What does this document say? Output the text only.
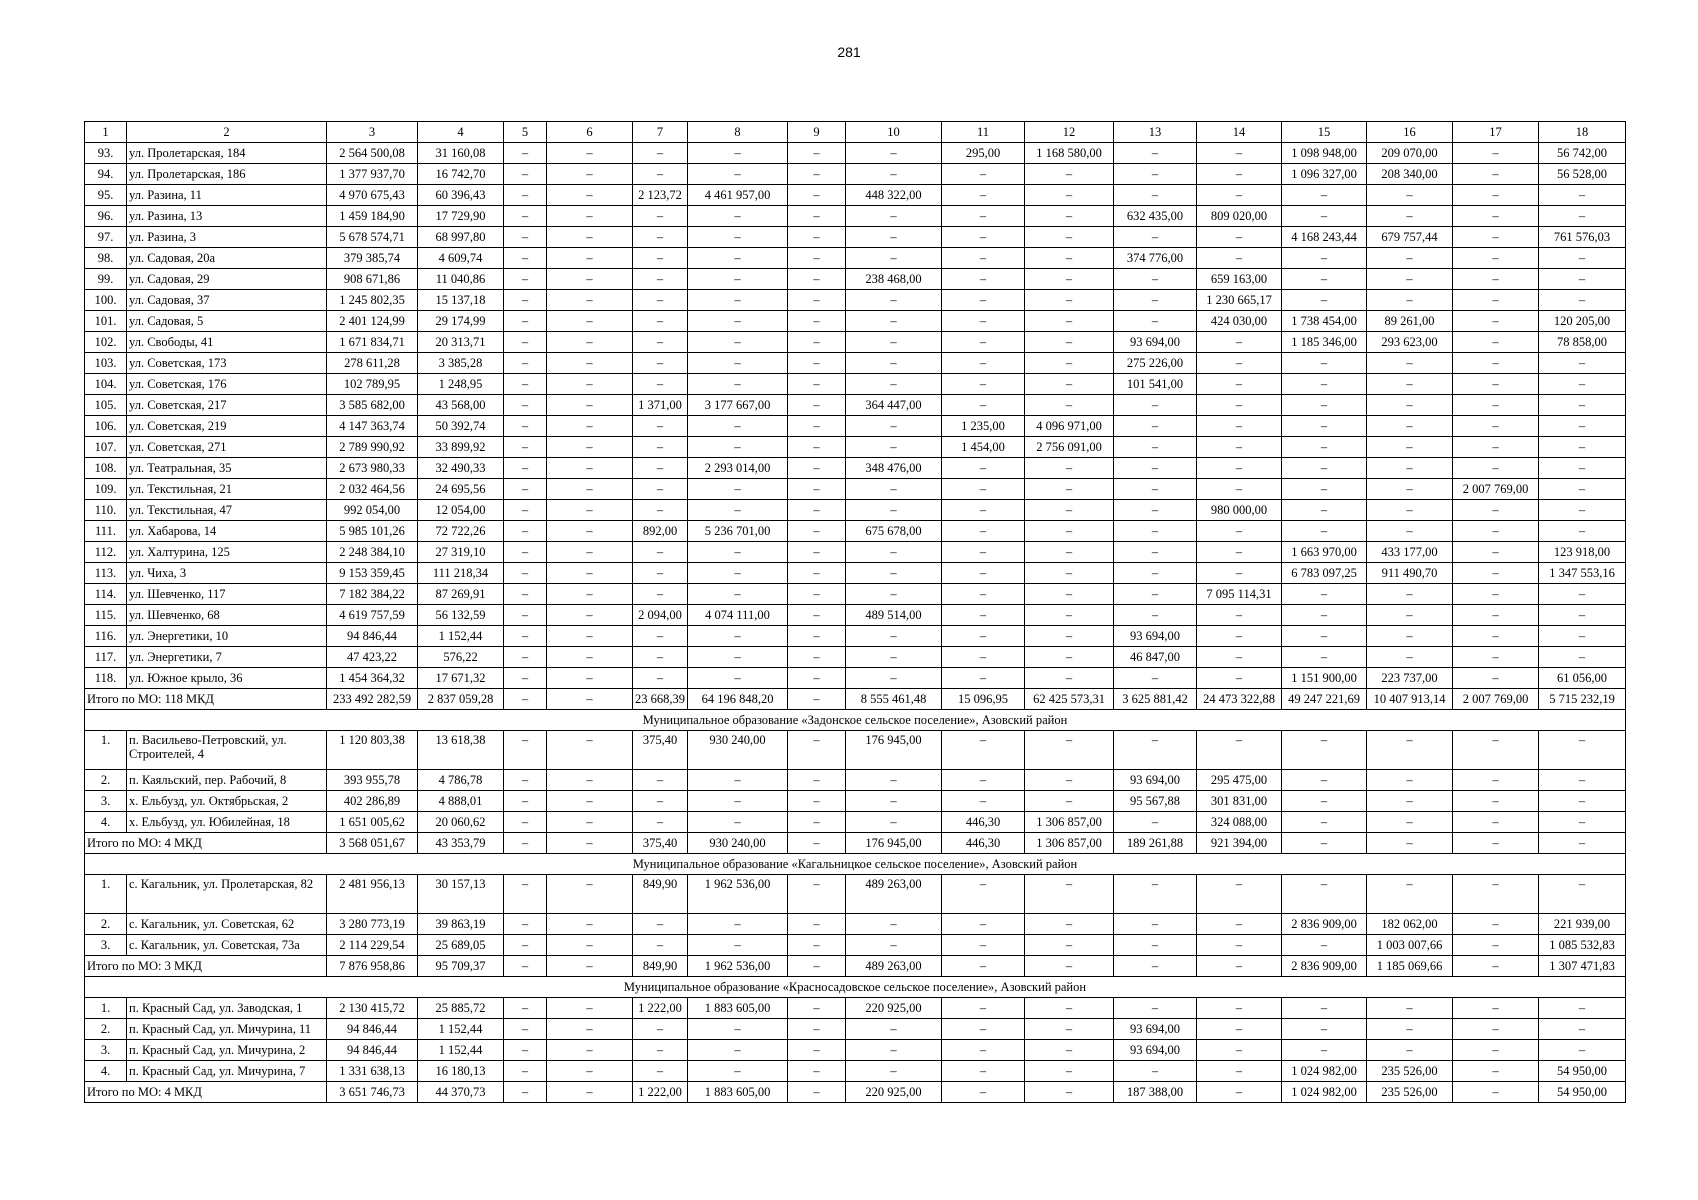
281
1	2	3	4	5	6	7	8	9	10	11	12	13	14	15	16	17	18
93.	ул. Пролетарская, 184	2 564 500,08	31 160,08	–	–	–	–	–	–	295,00	1 168 580,00	–	–	1 098 948,00	209 070,00	–	56 742,00
94.	ул. Пролетарская, 186	1 377 937,70	16 742,70	–	–	–	–	–	–	–	–	–	–	1 096 327,00	208 340,00	–	56 528,00
95.	ул. Разина, 11	4 970 675,43	60 396,43	–	–	2 123,72	4 461 957,00	–	448 322,00	–	–	–	–	–	–	–	–
96.	ул. Разина, 13	1 459 184,90	17 729,90	–	–	–	–	–	–	–	–	632 435,00	809 020,00	–	–	–	–
97.	ул. Разина, 3	5 678 574,71	68 997,80	–	–	–	–	–	–	–	–	–	–	4 168 243,44	679 757,44	–	761 576,03
98.	ул. Садовая, 20а	379 385,74	4 609,74	–	–	–	–	–	–	–	–	374 776,00	–	–	–	–	–
99.	ул. Садовая, 29	908 671,86	11 040,86	–	–	–	–	–	238 468,00	–	–	–	659 163,00	–	–	–	–
100.	ул. Садовая, 37	1 245 802,35	15 137,18	–	–	–	–	–	–	–	–	–	1 230 665,17	–	–	–	–
101.	ул. Садовая, 5	2 401 124,99	29 174,99	–	–	–	–	–	–	–	–	–	424 030,00	1 738 454,00	89 261,00	–	120 205,00
102.	ул. Свободы, 41	1 671 834,71	20 313,71	–	–	–	–	–	–	–	–	93 694,00	–	1 185 346,00	293 623,00	–	78 858,00
103.	ул. Советская, 173	278 611,28	3 385,28	–	–	–	–	–	–	–	–	275 226,00	–	–	–	–	–
104.	ул. Советская, 176	102 789,95	1 248,95	–	–	–	–	–	–	–	–	101 541,00	–	–	–	–	–
105.	ул. Советская, 217	3 585 682,00	43 568,00	–	–	1 371,00	3 177 667,00	–	364 447,00	–	–	–	–	–	–	–	–
106.	ул. Советская, 219	4 147 363,74	50 392,74	–	–	–	–	–	–	1 235,00	4 096 971,00	–	–	–	–	–	–
107.	ул. Советская, 271	2 789 990,92	33 899,92	–	–	–	–	–	–	1 454,00	2 756 091,00	–	–	–	–	–	–
108.	ул. Театральная, 35	2 673 980,33	32 490,33	–	–	–	2 293 014,00	–	348 476,00	–	–	–	–	–	–	–	–
109.	ул. Текстильная, 21	2 032 464,56	24 695,56	–	–	–	–	–	–	–	–	–	–	–	–	2 007 769,00	–
110.	ул. Текстильная, 47	992 054,00	12 054,00	–	–	–	–	–	–	–	–	–	980 000,00	–	–	–	–
111.	ул. Хабарова, 14	5 985 101,26	72 722,26	–	–	892,00	5 236 701,00	–	675 678,00	–	–	–	–	–	–	–	–
112.	ул. Халтурина, 125	2 248 384,10	27 319,10	–	–	–	–	–	–	–	–	–	–	1 663 970,00	433 177,00	–	123 918,00
113.	ул. Чиха, 3	9 153 359,45	111 218,34	–	–	–	–	–	–	–	–	–	–	6 783 097,25	911 490,70	–	1 347 553,16
114.	ул. Шевченко, 117	7 182 384,22	87 269,91	–	–	–	–	–	–	–	–	–	7 095 114,31	–	–	–	–
115.	ул. Шевченко, 68	4 619 757,59	56 132,59	–	–	2 094,00	4 074 111,00	–	489 514,00	–	–	–	–	–	–	–	–
116.	ул. Энергетики, 10	94 846,44	1 152,44	–	–	–	–	–	–	–	–	93 694,00	–	–	–	–	–
117.	ул. Энергетики, 7	47 423,22	576,22	–	–	–	–	–	–	–	–	46 847,00	–	–	–	–	–
118.	ул. Южное крыло, 36	1 454 364,32	17 671,32	–	–	–	–	–	–	–	–	–	–	1 151 900,00	223 737,00	–	61 056,00
Итого по МО: 118 МКД		233 492 282,59	2 837 059,28	–	–	23 668,39	64 196 848,20	–	8 555 461,48	15 096,95	62 425 573,31	3 625 881,42	24 473 322,88	49 247 221,69	10 407 913,14	2 007 769,00	5 715 232,19
Муниципальное образование «Задонское сельское поселение», Азовский район																	
1.	п. Васильево-Петровский, ул. Строителей, 4	1 120 803,38	13 618,38	–	–	375,40	930 240,00	–	176 945,00	–	–	–	–	–	–	–	–
2.	п. Каяльский, пер. Рабочий, 8	393 955,78	4 786,78	–	–	–	–	–	–	–	–	93 694,00	295 475,00	–	–	–	–
3.	х. Ельбузд, ул. Октябрьская, 2	402 286,89	4 888,01	–	–	–	–	–	–	–	–	95 567,88	301 831,00	–	–	–	–
4.	х. Ельбузд, ул. Юбилейная, 18	1 651 005,62	20 060,62	–	–	–	–	–	–	446,30	1 306 857,00	–	324 088,00	–	–	–	–
Итого по МО: 4 МКД		3 568 051,67	43 353,79	–	–	375,40	930 240,00	–	176 945,00	446,30	1 306 857,00	189 261,88	921 394,00	–	–	–	–
Муниципальное образование «Кагальницкое сельское поселение», Азовский район																	
1.	с. Кагальник, ул. Пролетарская, 82	2 481 956,13	30 157,13	–	–	849,90	1 962 536,00	–	489 263,00	–	–	–	–	–	–	–	–
2.	с. Кагальник, ул. Советская, 62	3 280 773,19	39 863,19	–	–	–	–	–	–	–	–	–	–	2 836 909,00	182 062,00	–	221 939,00
3.	с. Кагальник, ул. Советская, 73а	2 114 229,54	25 689,05	–	–	–	–	–	–	–	–	–	–	–	1 003 007,66	–	1 085 532,83
Итого по МО: 3 МКД		7 876 958,86	95 709,37	–	–	849,90	1 962 536,00	–	489 263,00	–	–	–	–	2 836 909,00	1 185 069,66	–	1 307 471,83
Муниципальное образование «Красносадовское сельское поселение», Азовский район																	
1.	п. Красный Сад, ул. Заводская, 1	2 130 415,72	25 885,72	–	–	1 222,00	1 883 605,00	–	220 925,00	–	–	–	–	–	–	–	–
2.	п. Красный Сад, ул. Мичурина, 11	94 846,44	1 152,44	–	–	–	–	–	–	–	–	93 694,00	–	–	–	–	–
3.	п. Красный Сад, ул. Мичурина, 2	94 846,44	1 152,44	–	–	–	–	–	–	–	–	93 694,00	–	–	–	–	–
4.	п. Красный Сад, ул. Мичурина, 7	1 331 638,13	16 180,13	–	–	–	–	–	–	–	–	–	–	1 024 982,00	235 526,00	–	54 950,00
Итого по МО: 4 МКД		3 651 746,73	44 370,73	–	–	1 222,00	1 883 605,00	–	220 925,00	–	–	187 388,00	–	1 024 982,00	235 526,00	–	54 950,00
